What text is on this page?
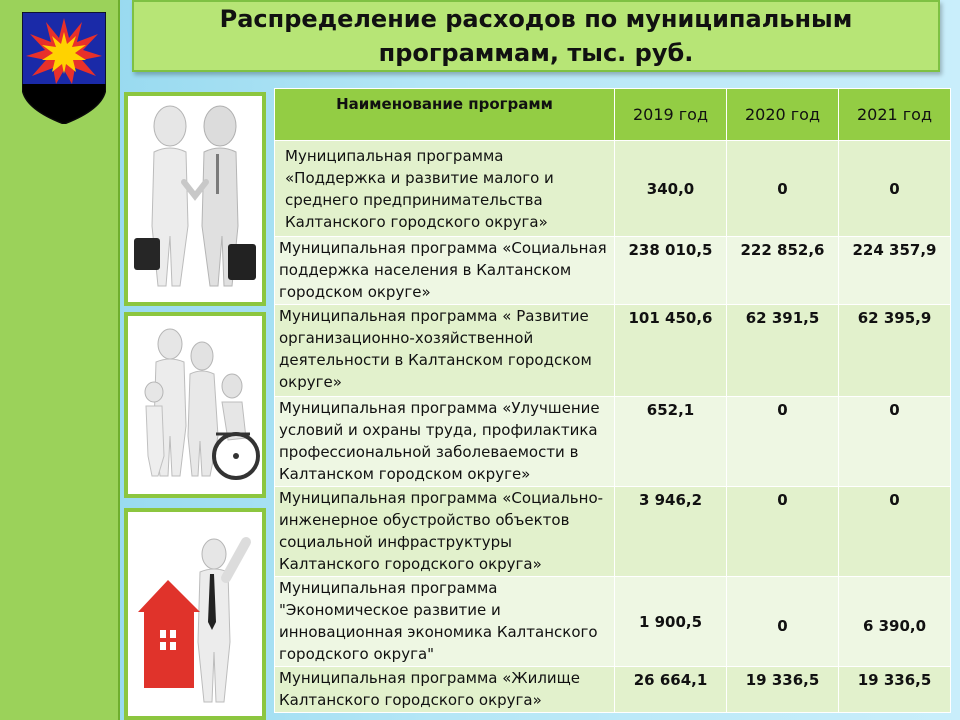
Распределение расходов по муниципальным программам, тыс. руб.
Наименование программ	2019 год	2020 год	2021 год
Муниципальная программа «Поддержка и развитие малого и среднего предпринимательства Калтанского городского округа»	340,0	0	0
Муниципальная программа «Социальная поддержка населения в Калтанском городском округе»	238 010,5	222 852,6	224 357,9
Муниципальная программа « Развитие организационно-хозяйственной деятельности в Калтанском городском округе»	101 450,6	62 391,5	62 395,9
Муниципальная программа «Улучшение условий и охраны труда, профилактика профессиональной заболеваемости в Калтанском городском округе»	652,1	0	0
Муниципальная программа «Социально-инженерное обустройство объектов социальной инфраструктуры Калтанского городского округа»	3 946,2	0	0
Муниципальная программа "Экономическое развитие и инновационная экономика Калтанского городского округа"	1 900,5	0	6 390,0
Муниципальная программа «Жилище Калтанского городского округа»	26 664,1	19 336,5	19 336,5
